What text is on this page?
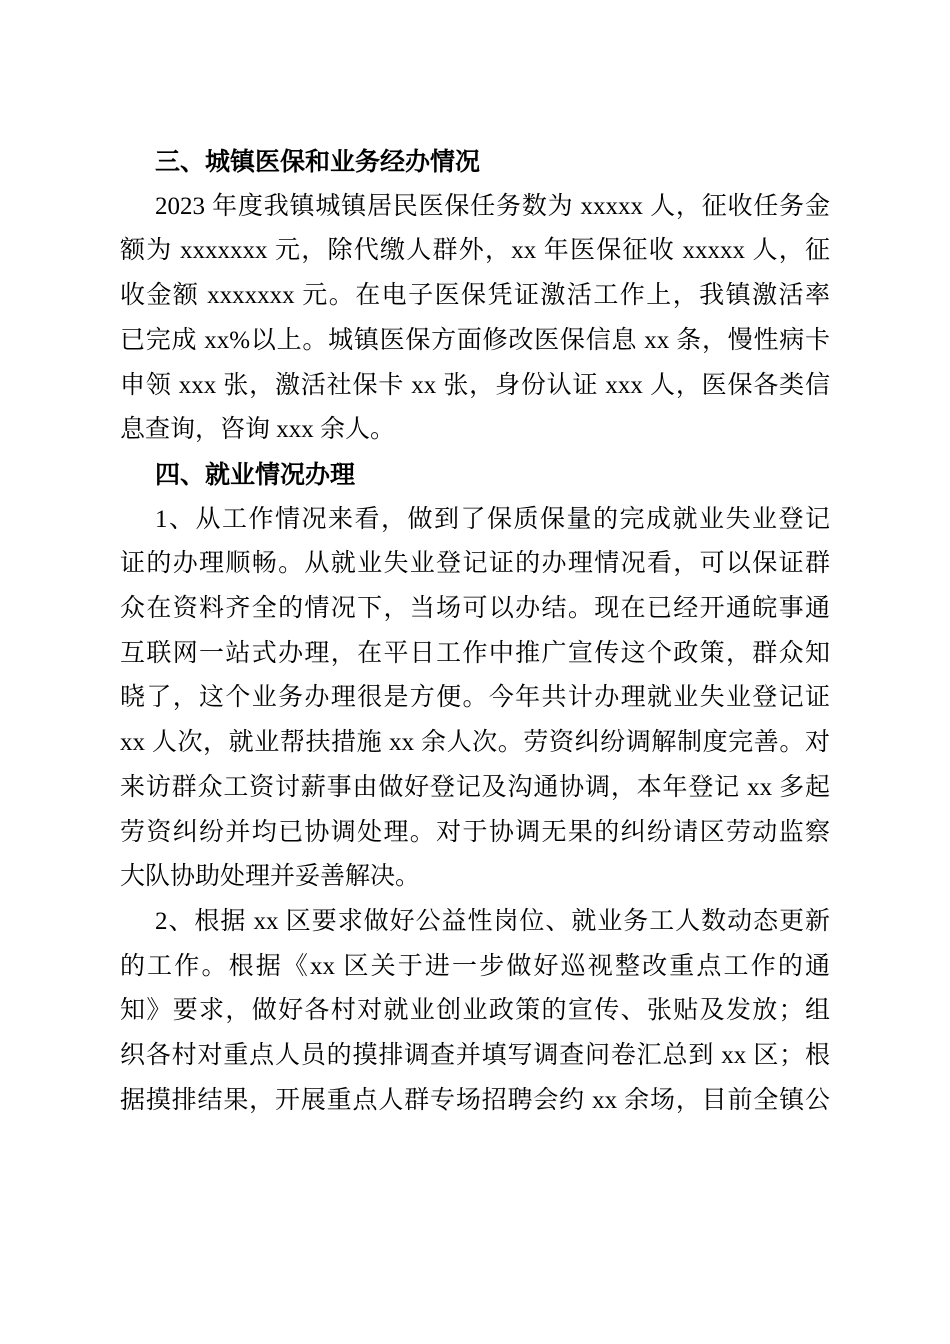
三、城镇医保和业务经办情况
2023 年度我镇城镇居民医保任务数为 xxxxx 人，征收任务金
额为 xxxxxxx 元，除代缴人群外，xx 年医保征收 xxxxx 人，征
收金额 xxxxxxx 元。在电子医保凭证激活工作上，我镇激活率
已完成 xx%以上。城镇医保方面修改医保信息 xx 条，慢性病卡
申领 xxx 张，激活社保卡 xx 张，身份认证 xxx 人，医保各类信
息查询，咨询 xxx 余人。
四、就业情况办理
1、从工作情况来看，做到了保质保量的完成就业失业登记
证的办理顺畅。从就业失业登记证的办理情况看，可以保证群
众在资料齐全的情况下，当场可以办结。现在已经开通皖事通
互联网一站式办理，在平日工作中推广宣传这个政策，群众知
晓了，这个业务办理很是方便。今年共计办理就业失业登记证
xx 人次，就业帮扶措施 xx 余人次。劳资纠纷调解制度完善。对
来访群众工资讨薪事由做好登记及沟通协调，本年登记 xx 多起
劳资纠纷并均已协调处理。对于协调无果的纠纷请区劳动监察
大队协助处理并妥善解决。
2、根据 xx 区要求做好公益性岗位、就业务工人数动态更新
的工作。根据《xx 区关于进一步做好巡视整改重点工作的通
知》要求，做好各村对就业创业政策的宣传、张贴及发放；组
织各村对重点人员的摸排调查并填写调查问卷汇总到 xx 区；根
据摸排结果，开展重点人群专场招聘会约 xx 余场，目前全镇公
